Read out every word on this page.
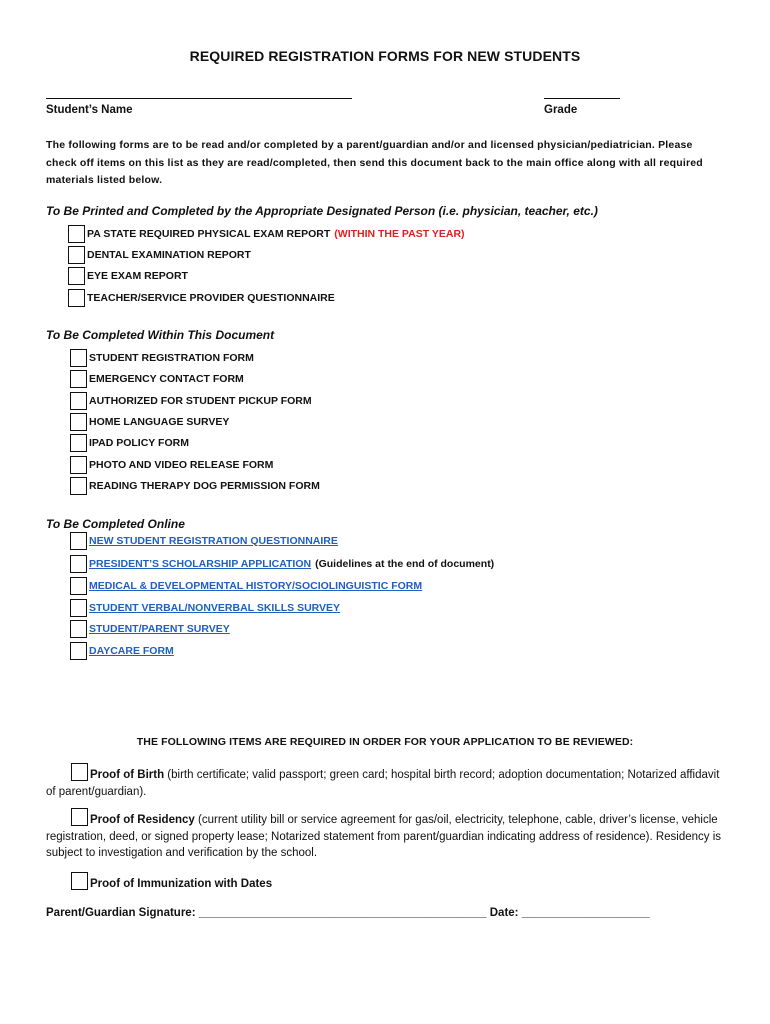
REQUIRED REGISTRATION FORMS FOR NEW STUDENTS
Student’s Name	Grade
The following forms are to be read and/or completed by a parent/guardian and/or and licensed physician/pediatrician. Please check off items on this list as they are read/completed, then send this document back to the main office along with all required materials listed below.
To Be Printed and Completed by the Appropriate Designated Person (i.e. physician, teacher, etc.)
PA STATE REQUIRED PHYSICAL EXAM REPORT (WITHIN THE PAST YEAR)
DENTAL EXAMINATION REPORT
EYE EXAM REPORT
TEACHER/SERVICE PROVIDER QUESTIONNAIRE
To Be Completed Within This Document
STUDENT REGISTRATION FORM
EMERGENCY CONTACT FORM
AUTHORIZED FOR STUDENT PICKUP FORM
HOME LANGUAGE SURVEY
IPAD POLICY FORM
PHOTO AND VIDEO RELEASE FORM
READING THERAPY DOG PERMISSION FORM
To Be Completed Online
NEW STUDENT REGISTRATION QUESTIONNAIRE
PRESIDENT’S SCHOLARSHIP APPLICATION (Guidelines at the end of document)
MEDICAL & DEVELOPMENTAL HISTORY/SOCIOLINGUISTIC FORM
STUDENT VERBAL/NONVERBAL SKILLS SURVEY
STUDENT/PARENT SURVEY
DAYCARE FORM
THE FOLLOWING ITEMS ARE REQUIRED IN ORDER FOR YOUR APPLICATION TO BE REVIEWED:
Proof of Birth (birth certificate; valid passport; green card; hospital birth record; adoption documentation; Notarized affidavit of parent/guardian).
Proof of Residency (current utility bill or service agreement for gas/oil, electricity, telephone, cable, driver’s license, vehicle registration, deed, or signed property lease; Notarized statement from parent/guardian indicating address of residence). Residency is subject to investigation and verification by the school.
Proof of Immunization with Dates
Parent/Guardian Signature: _____________________________________________ Date: ____________________
